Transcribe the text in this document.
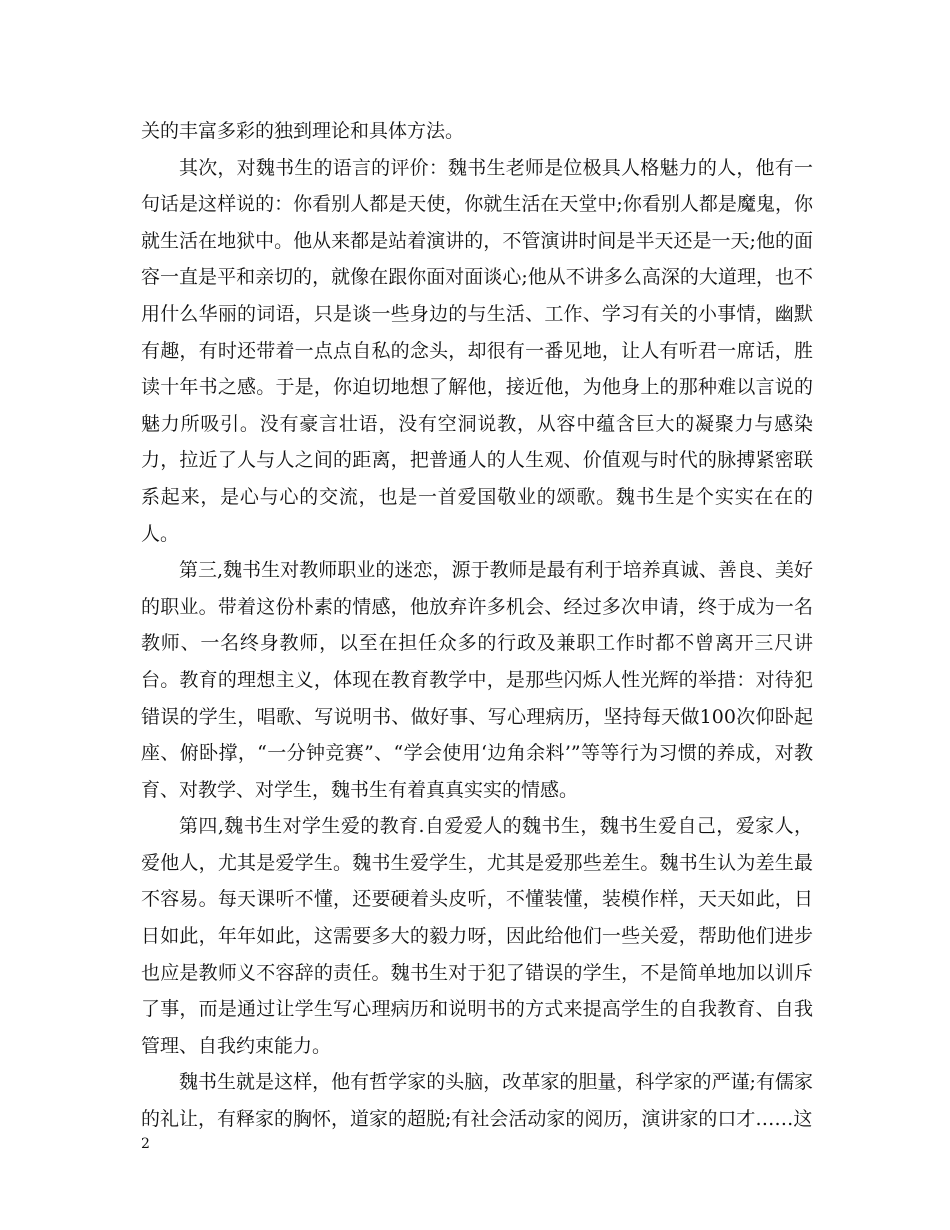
关的丰富多彩的独到理论和具体方法。

其次，对魏书生的语言的评价：魏书生老师是位极具人格魅力的人，他有一句话是这样说的：你看别人都是天使，你就生活在天堂中;你看别人都是魔鬼，你就生活在地狱中。他从来都是站着演讲的，不管演讲时间是半天还是一天;他的面容一直是平和亲切的，就像在跟你面对面谈心;他从不讲多么高深的大道理，也不用什么华丽的词语，只是谈一些身边的与生活、工作、学习有关的小事情，幽默有趣，有时还带着一点点自私的念头，却很有一番见地，让人有听君一席话，胜读十年书之感。于是，你迫切地想了解他，接近他，为他身上的那种难以言说的魅力所吸引。没有豪言壮语，没有空洞说教，从容中蕴含巨大的凝聚力与感染力，拉近了人与人之间的距离，把普通人的人生观、价值观与时代的脉搏紧密联系起来，是心与心的交流，也是一首爱国敬业的颂歌。魏书生是个实实在在的人。

第三,魏书生对教师职业的迷恋，源于教师是最有利于培养真诚、善良、美好的职业。带着这份朴素的情感，他放弃许多机会、经过多次申请，终于成为一名教师、一名终身教师，以至在担任众多的行政及兼职工作时都不曾离开三尺讲台。教育的理想主义，体现在教育教学中，是那些闪烁人性光辉的举措：对待犯错误的学生，唱歌、写说明书、做好事、写心理病历，坚持每天做100次仰卧起座、俯卧撑，“一分钟竞赛”、“学会使用‘边角余料’”等等行为习惯的养成，对教育、对教学、对学生，魏书生有着真真实实的情感。

第四,魏书生对学生爱的教育.自爱爱人的魏书生，魏书生爱自己，爱家人，爱他人，尤其是爱学生。魏书生爱学生，尤其是爱那些差生。魏书生认为差生最不容易。每天课听不懂，还要硬着头皮听，不懂装懂，装模作样，天天如此，日日如此，年年如此，这需要多大的毅力呀，因此给他们一些关爱，帮助他们进步也应是教师义不容辞的责任。魏书生对于犯了错误的学生，不是简单地加以训斥了事，而是通过让学生写心理病历和说明书的方式来提高学生的自我教育、自我管理、自我约束能力。

魏书生就是这样，他有哲学家的头脑，改革家的胆量，科学家的严谨;有儒家的礼让，有释家的胸怀，道家的超脱;有社会活动家的阅历，演讲家的口才……这

2
